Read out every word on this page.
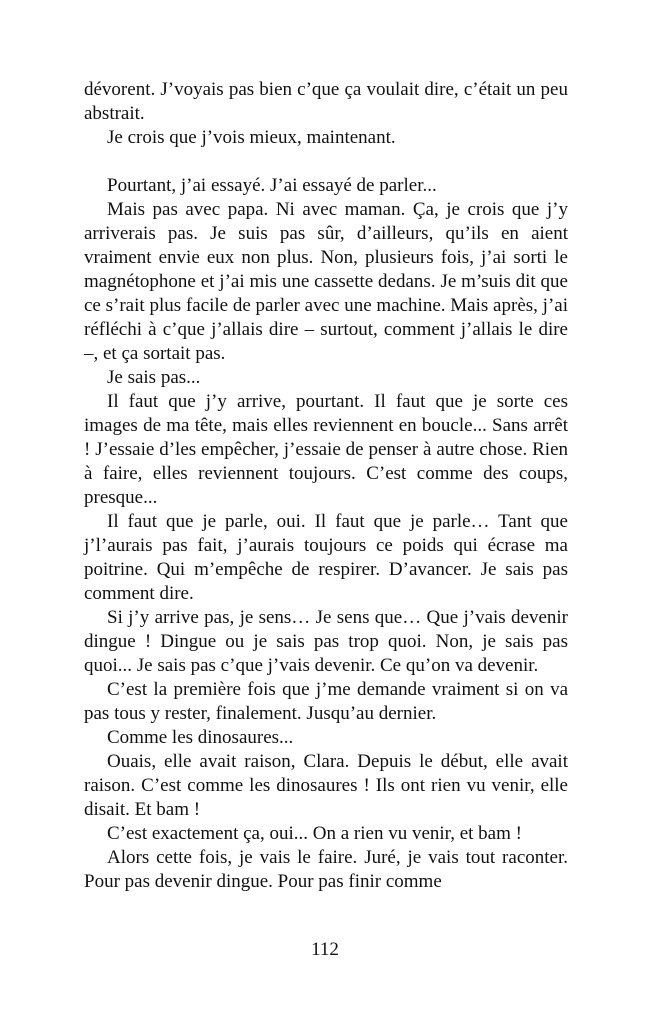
dévorent. J’voyais pas bien c’que ça voulait dire, c’était un peu abstrait.

Je crois que j’vois mieux, maintenant.

Pourtant, j’ai essayé. J’ai essayé de parler...

Mais pas avec papa. Ni avec maman. Ça, je crois que j’y arriverais pas. Je suis pas sûr, d’ailleurs, qu’ils en aient vraiment envie eux non plus. Non, plusieurs fois, j’ai sorti le magnétophone et j’ai mis une cassette dedans. Je m’suis dit que ce s’rait plus facile de parler avec une machine. Mais après, j’ai réfléchi à c’que j’allais dire – surtout, comment j’allais le dire –, et ça sortait pas.

Je sais pas...

Il faut que j’y arrive, pourtant. Il faut que je sorte ces images de ma tête, mais elles reviennent en boucle... Sans arrêt ! J’essaie d’les empêcher, j’essaie de penser à autre chose. Rien à faire, elles reviennent toujours. C’est comme des coups, presque...

Il faut que je parle, oui. Il faut que je parle… Tant que j’l’aurais pas fait, j’aurais toujours ce poids qui écrase ma poitrine. Qui m’empêche de respirer. D’avancer. Je sais pas comment dire.

Si j’y arrive pas, je sens… Je sens que… Que j’vais devenir dingue ! Dingue ou je sais pas trop quoi. Non, je sais pas quoi... Je sais pas c’que j’vais devenir. Ce qu’on va devenir.

C’est la première fois que j’me demande vraiment si on va pas tous y rester, finalement. Jusqu’au dernier.

Comme les dinosaures...

Ouais, elle avait raison, Clara. Depuis le début, elle avait raison. C’est comme les dinosaures ! Ils ont rien vu venir, elle disait. Et bam !

C’est exactement ça, oui... On a rien vu venir, et bam !

Alors cette fois, je vais le faire. Juré, je vais tout raconter. Pour pas devenir dingue. Pour pas finir comme

112
